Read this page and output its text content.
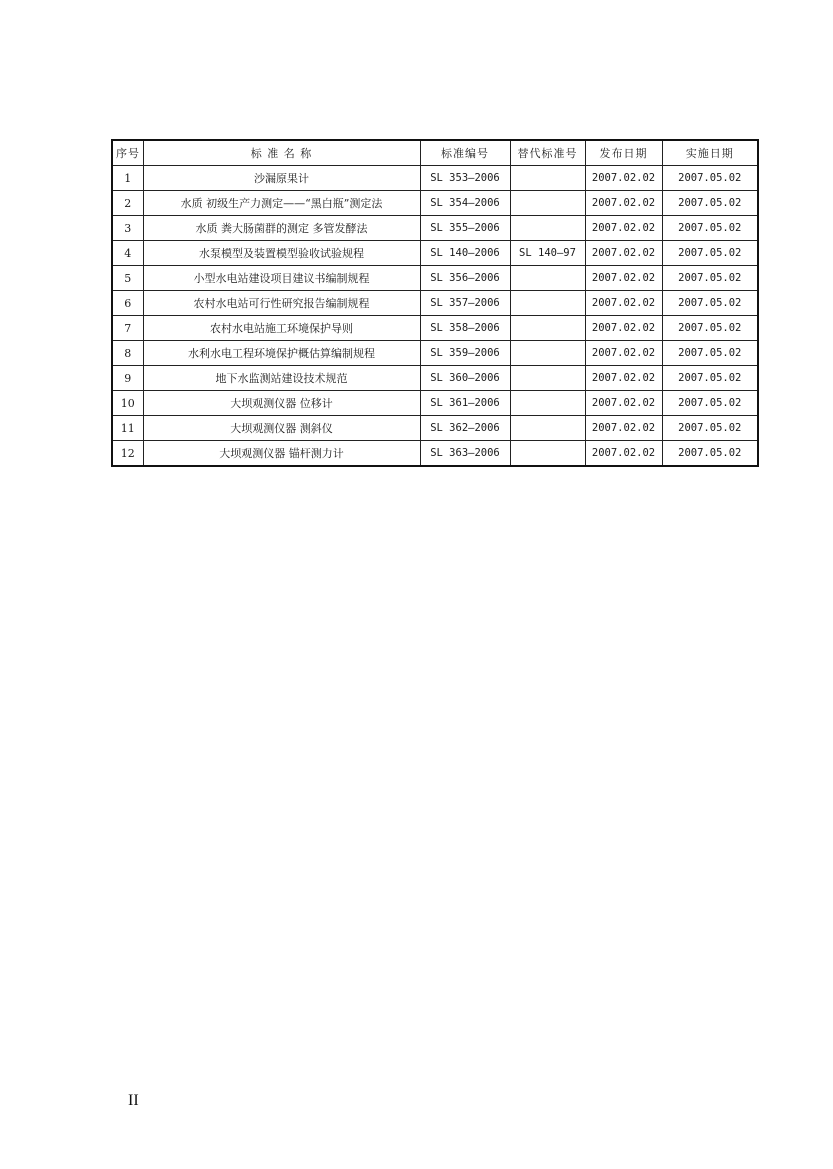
序号	标 准 名 称	标准编号	替代标准号	发布日期	实施日期
1	沙漏原果计	SL 353—2006		2007.02.02	2007.05.02
2	水质 初级生产力测定——“黑白瓶”测定法	SL 354—2006		2007.02.02	2007.05.02
3	水质 粪大肠菌群的测定 多管发酵法	SL 355—2006		2007.02.02	2007.05.02
4	水泵模型及装置模型验收试验规程	SL 140—2006	SL 140—97	2007.02.02	2007.05.02
5	小型水电站建设项目建议书编制规程	SL 356—2006		2007.02.02	2007.05.02
6	农村水电站可行性研究报告编制规程	SL 357—2006		2007.02.02	2007.05.02
7	农村水电站施工环境保护导则	SL 358—2006		2007.02.02	2007.05.02
8	水利水电工程环境保护概估算编制规程	SL 359—2006		2007.02.02	2007.05.02
9	地下水监测站建设技术规范	SL 360—2006		2007.02.02	2007.05.02
10	大坝观测仪器 位移计	SL 361—2006		2007.02.02	2007.05.02
11	大坝观测仪器 测斜仪	SL 362—2006		2007.02.02	2007.05.02
12	大坝观测仪器 锚杆测力计	SL 363—2006		2007.02.02	2007.05.02
II
